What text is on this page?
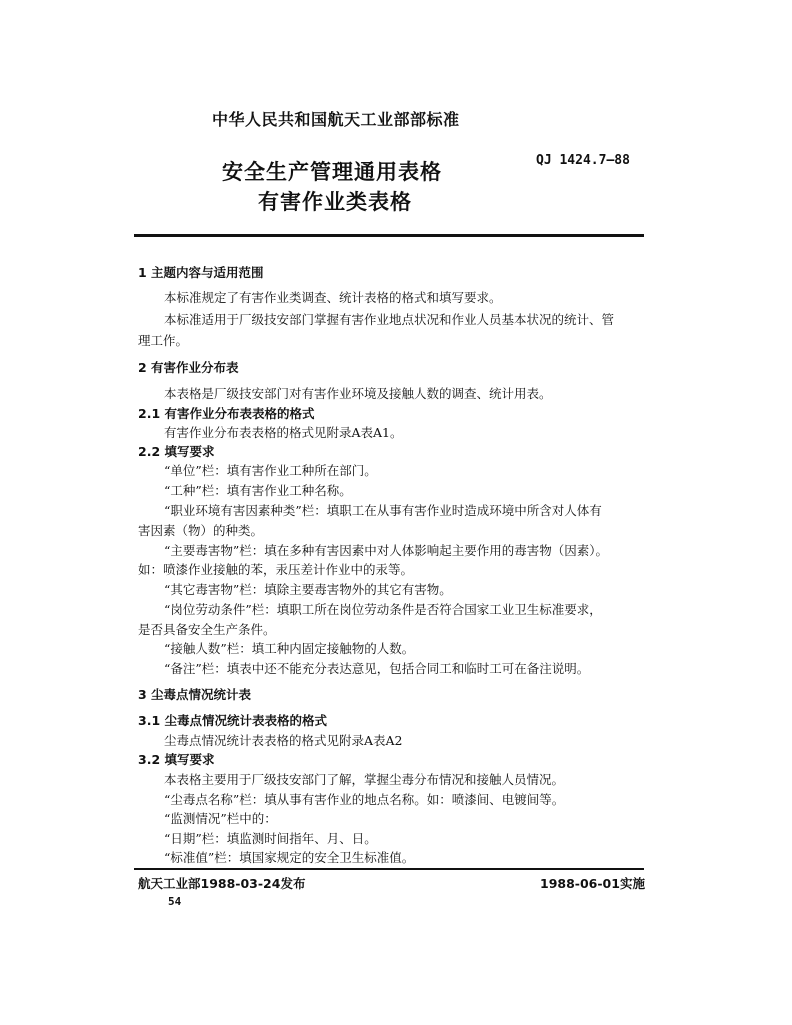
中华人民共和国航天工业部部标准
安全生产管理通用表格
有害作业类表格
QJ 1424.7—88
1 主题内容与适用范围
本标准规定了有害作业类调查、统计表格的格式和填写要求。
本标准适用于厂级技安部门掌握有害作业地点状况和作业人员基本状况的统计、管
理工作。
2 有害作业分布表
本表格是厂级技安部门对有害作业环境及接触人数的调查、统计用表。
2.1 有害作业分布表表格的格式
有害作业分布表表格的格式见附录A表A1。
2.2 填写要求
“单位”栏：填有害作业工种所在部门。
“工种”栏：填有害作业工种名称。
“职业环境有害因素种类”栏：填职工在从事有害作业时造成环境中所含对人体有
害因素（物）的种类。
“主要毒害物”栏：填在多种有害因素中对人体影响起主要作用的毒害物（因素）。
如：喷漆作业接触的苯，汞压差计作业中的汞等。
“其它毒害物”栏：填除主要毒害物外的其它有害物。
“岗位劳动条件”栏：填职工所在岗位劳动条件是否符合国家工业卫生标准要求，
是否具备安全生产条件。
“接触人数”栏：填工种内固定接触物的人数。
“备注”栏：填表中还不能充分表达意见，包括合同工和临时工可在备注说明。
3 尘毒点情况统计表
3.1 尘毒点情况统计表表格的格式
尘毒点情况统计表表格的格式见附录A表A2
3.2 填写要求
本表格主要用于厂级技安部门了解，掌握尘毒分布情况和接触人员情况。
“尘毒点名称”栏：填从事有害作业的地点名称。如：喷漆间、电镀间等。
“监测情况”栏中的：
“日期”栏：填监测时间指年、月、日。
“标准值”栏：填国家规定的安全卫生标准值。
航天工业部1988-03-24发布	1988-06-01实施
54
